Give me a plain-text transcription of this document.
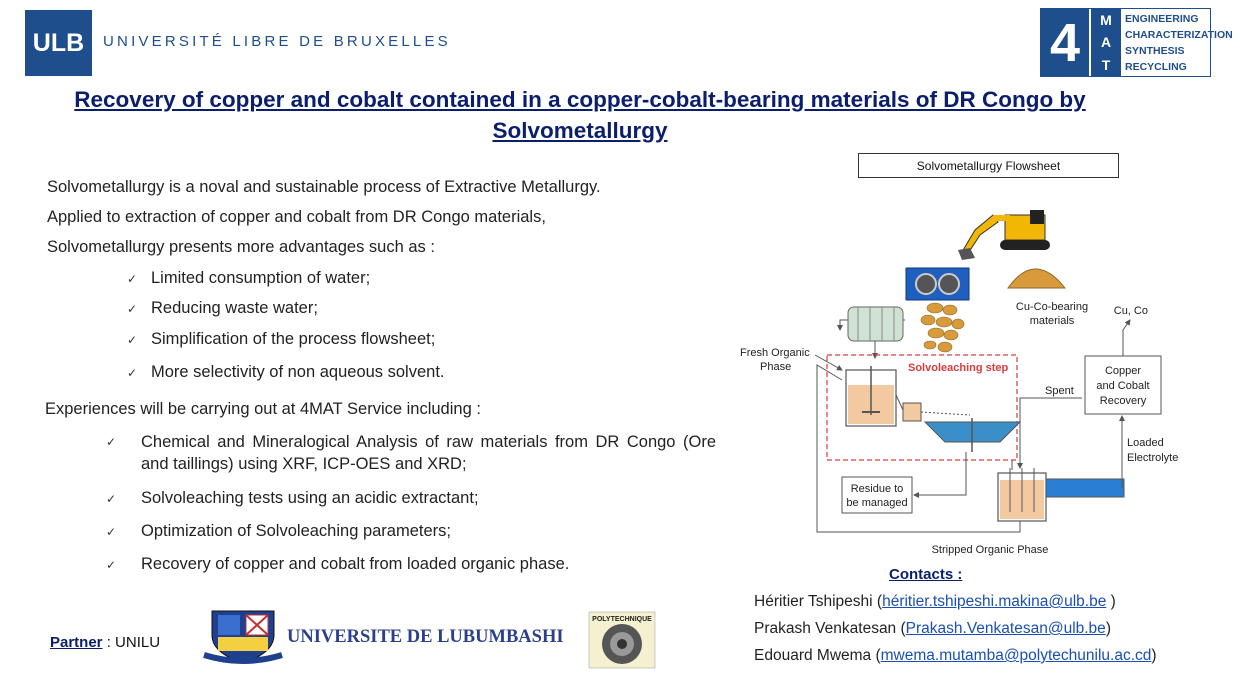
ULB	UNIVERSITÉ LIBRE DE BRUXELLES	4	M
A
T
ENGINEERING
CHARACTERIZATION
SYNTHESIS
RECYCLING
Recovery of copper and cobalt contained in a copper-cobalt-bearing materials of DR Congo by Solvometallurgy
Solvometallurgy is a noval and sustainable process of Extractive Metallurgy.
Applied to extraction of copper and cobalt from DR Congo materials,
Solvometallurgy presents more advantages such as :
✓ Limited consumption of water;
✓ Reducing waste water;
✓ Simplification of the process flowsheet;
✓ More selectivity of non aqueous solvent.
Experiences will be carrying out at 4MAT Service including :
✓ Chemical and Mineralogical Analysis of raw materials from DR Congo (Ore and taillings) using XRF, ICP-OES and XRD;
✓ Solvoleaching tests using an acidic extractant;
✓ Optimization of Solvoleaching parameters;
✓ Recovery of copper and cobalt from loaded organic phase.
Solvometallurgy Flowsheet
Cu-Co-bearing
materials
Fresh Organic
Phase	Solvoleaching step
Residue to
be managed
Spent
Copper
and Cobalt
Recovery
Cu, Co
Loaded
Electrolyte
Stripped Organic Phase
Contacts :
Héritier Tshipeshi (héritier.tshipeshi.makina@ulb.be )
Prakash Venkatesan (Prakash.Venkatesan@ulb.be)
Edouard Mwema (mwema.mutamba@polytechunilu.ac.cd)
Partner : UNILU	UNIVERSITE DE LUBUMBASHI
POLYTECHNIQUE
